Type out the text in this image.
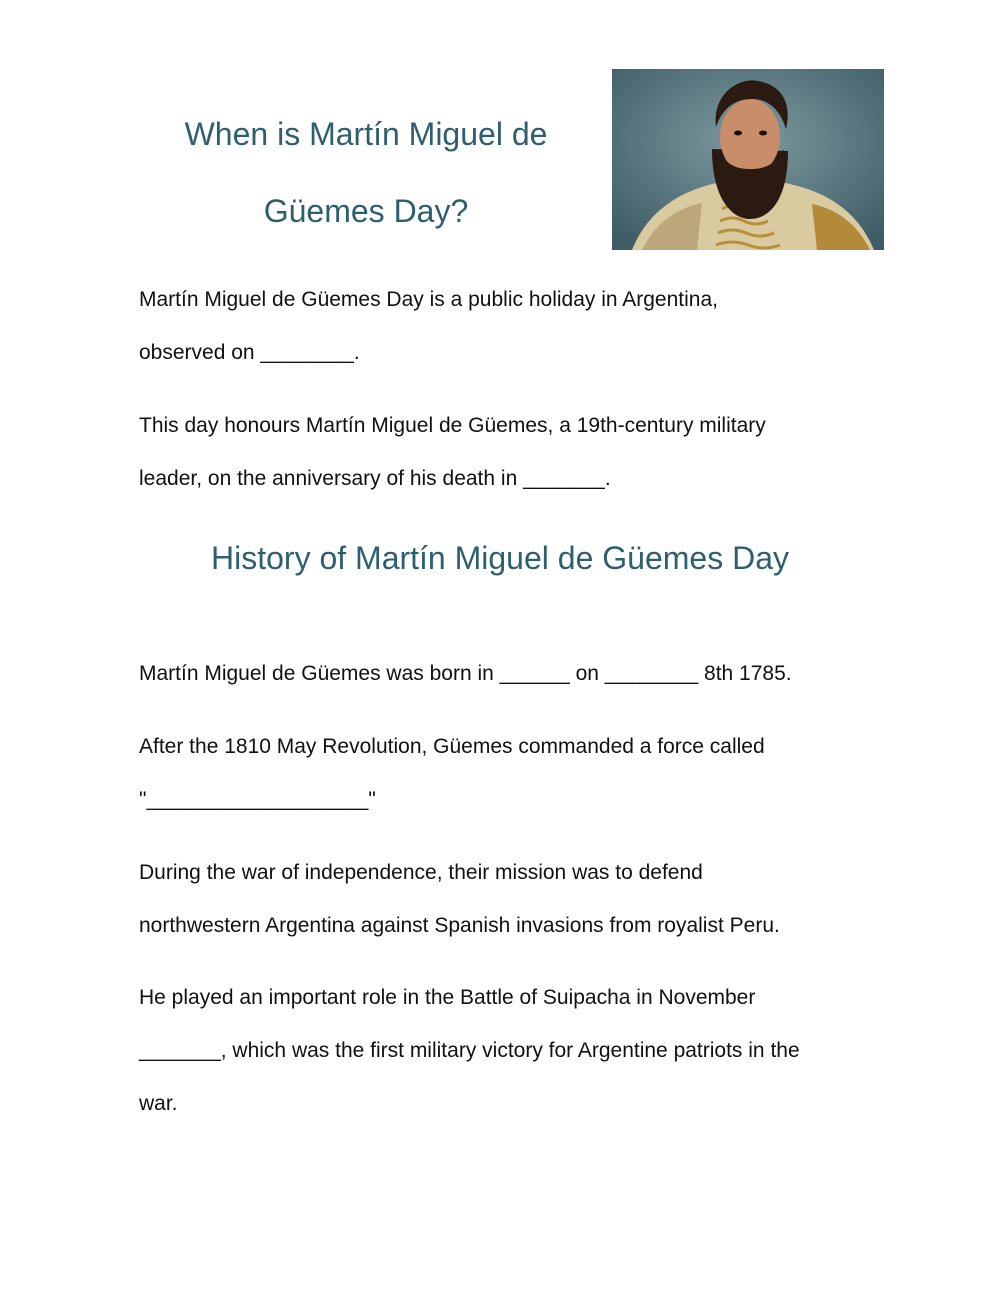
When is Martín Miguel de
Güemes Day?

Martín Miguel de Güemes Day is a public holiday in Argentina,

observed on ________.

This day honours Martín Miguel de Güemes, a 19th-century military

leader, on the anniversary of his death in _______.

History of Martín Miguel de Güemes Day

Martín Miguel de Güemes was born in ______ on ________ 8th 1785.

After the 1810 May Revolution, Güemes commanded a force called

"___________________"

During the war of independence, their mission was to defend

northwestern Argentina against Spanish invasions from royalist Peru.

He played an important role in the Battle of Suipacha in November

_______, which was the first military victory for Argentine patriots in the

war.
